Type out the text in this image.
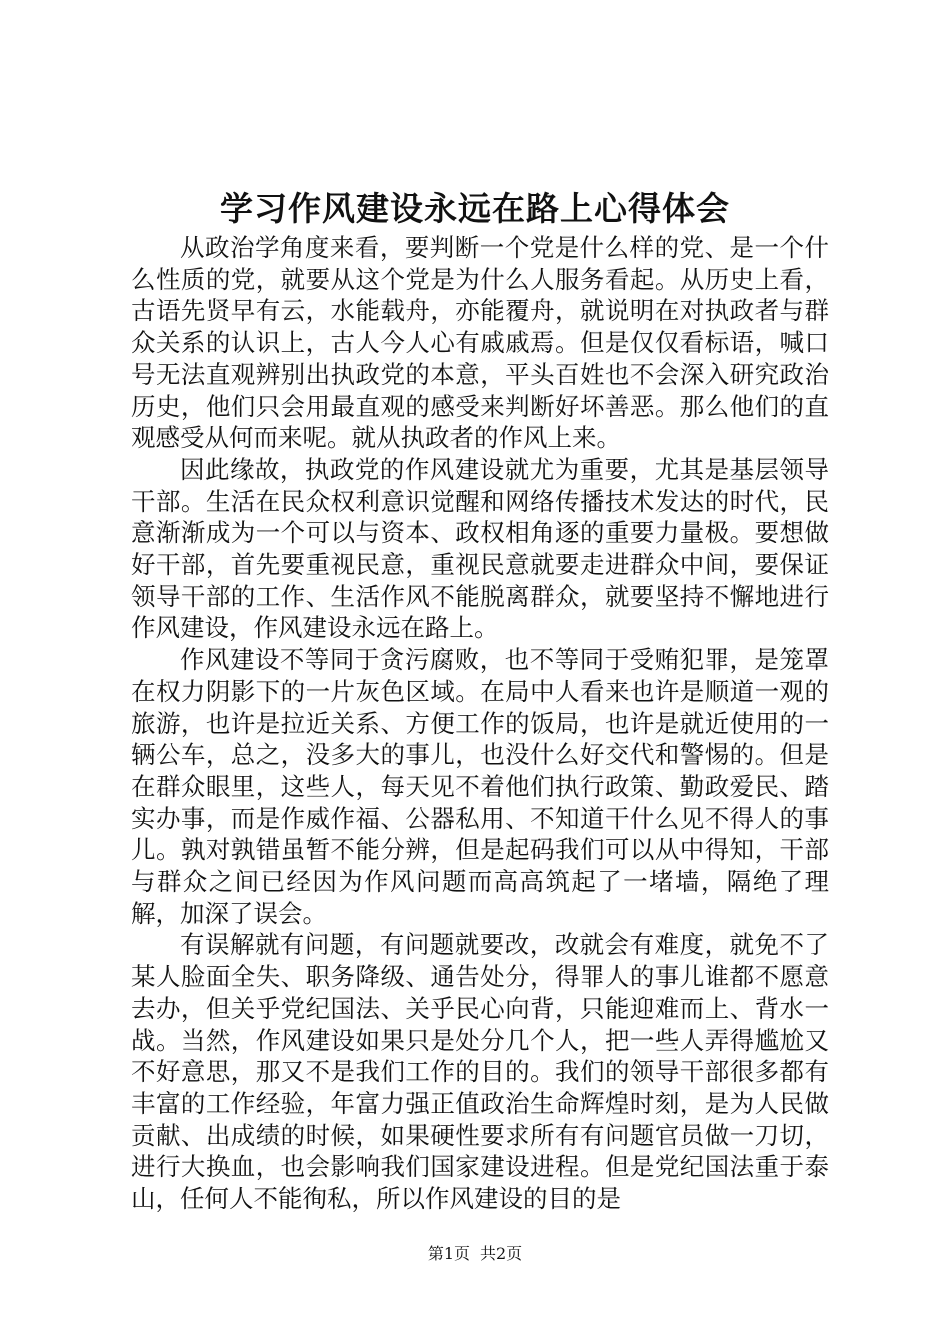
学习作风建设永远在路上心得体会

从政治学角度来看，要判断一个党是什么样的党、是一个什么性质的党，就要从这个党是为什么人服务看起。从历史上看，古语先贤早有云，水能载舟，亦能覆舟，就说明在对执政者与群众关系的认识上，古人今人心有戚戚焉。但是仅仅看标语，喊口号无法直观辨别出执政党的本意，平头百姓也不会深入研究政治历史，他们只会用最直观的感受来判断好坏善恶。那么他们的直观感受从何而来呢。就从执政者的作风上来。

因此缘故，执政党的作风建设就尤为重要，尤其是基层领导干部。生活在民众权利意识觉醒和网络传播技术发达的时代，民意渐渐成为一个可以与资本、政权相角逐的重要力量极。要想做好干部，首先要重视民意，重视民意就要走进群众中间，要保证领导干部的工作、生活作风不能脱离群众，就要坚持不懈地进行作风建设，作风建设永远在路上。

作风建设不等同于贪污腐败，也不等同于受贿犯罪，是笼罩在权力阴影下的一片灰色区域。在局中人看来也许是顺道一观的旅游，也许是拉近关系、方便工作的饭局，也许是就近使用的一辆公车，总之，没多大的事儿，也没什么好交代和警惕的。但是在群众眼里，这些人，每天见不着他们执行政策、勤政爱民、踏实办事，而是作威作福、公器私用、不知道干什么见不得人的事儿。孰对孰错虽暂不能分辨，但是起码我们可以从中得知，干部与群众之间已经因为作风问题而高高筑起了一堵墙，隔绝了理解，加深了误会。

有误解就有问题，有问题就要改，改就会有难度，就免不了某人脸面全失、职务降级、通告处分，得罪人的事儿谁都不愿意去办，但关乎党纪国法、关乎民心向背，只能迎难而上、背水一战。当然，作风建设如果只是处分几个人，把一些人弄得尴尬又不好意思，那又不是我们工作的目的。我们的领导干部很多都有丰富的工作经验，年富力强正值政治生命辉煌时刻，是为人民做贡献、出成绩的时候，如果硬性要求所有有问题官员做一刀切，进行大换血，也会影响我们国家建设进程。但是党纪国法重于泰山，任何人不能徇私，所以作风建设的目的是

第1页 共2页
